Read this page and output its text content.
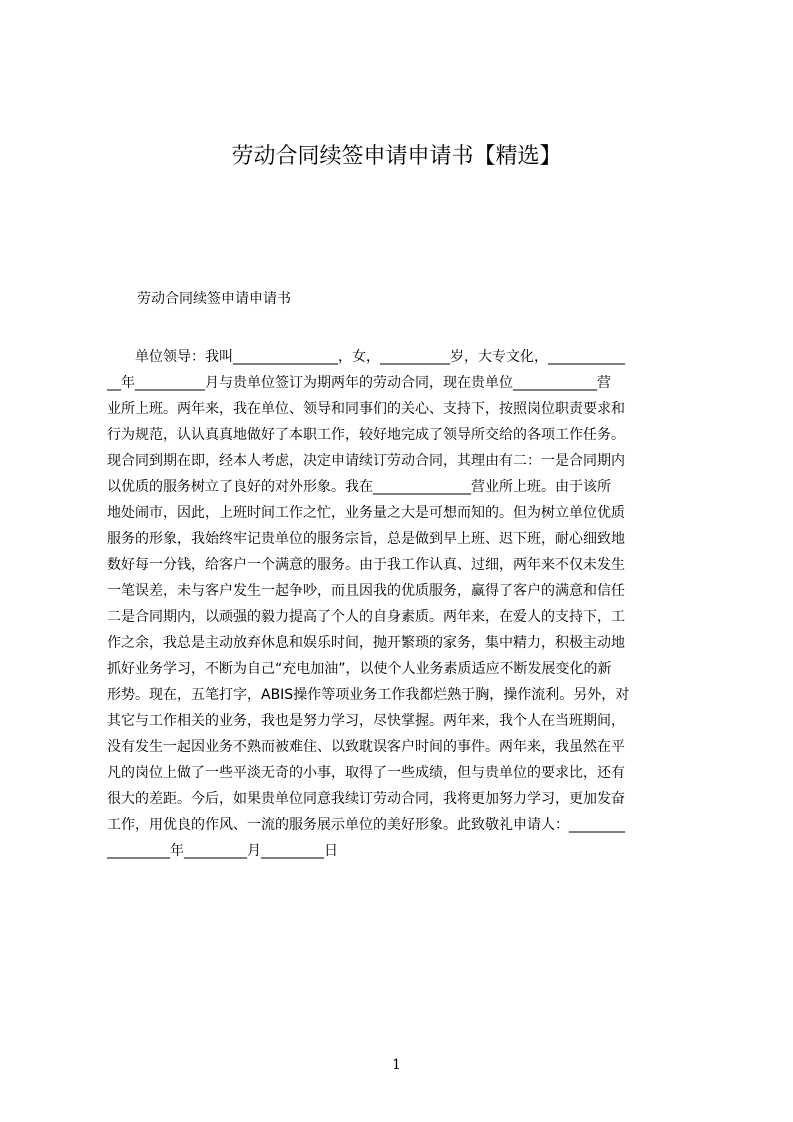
劳动合同续签申请申请书【精选】

劳动合同续签申请申请书

　　单位领导：我叫_______________，女，__________岁，大专文化，___________
__年__________月与贵单位签订为期两年的劳动合同，现在贵单位____________营
业所上班。两年来，我在单位、领导和同事们的关心、支持下，按照岗位职责要求和
行为规范，认认真真地做好了本职工作，较好地完成了领导所交给的各项工作任务。
现合同到期在即，经本人考虑，决定申请续订劳动合同，其理由有二：一是合同期内
以优质的服务树立了良好的对外形象。我在______________营业所上班。由于该所
地处闹市，因此，上班时间工作之忙，业务量之大是可想而知的。但为树立单位优质
服务的形象，我始终牢记贵单位的服务宗旨，总是做到早上班、迟下班，耐心细致地
数好每一分钱，给客户一个满意的服务。由于我工作认真、过细，两年来不仅未发生
一笔误差，未与客户发生一起争吵，而且因我的优质服务，赢得了客户的满意和信任
二是合同期内，以顽强的毅力提高了个人的自身素质。两年来，在爱人的支持下，工
作之余，我总是主动放弃休息和娱乐时间，抛开繁琐的家务，集中精力，积极主动地
抓好业务学习，不断为自己“充电加油”，以使个人业务素质适应不断发展变化的新
形势。现在，五笔打字，ABIS操作等项业务工作我都烂熟于胸，操作流利。另外，对
其它与工作相关的业务，我也是努力学习，尽快掌握。两年来，我个人在当班期间，
没有发生一起因业务不熟而被难住、以致耽误客户时间的事件。两年来，我虽然在平
凡的岗位上做了一些平淡无奇的小事，取得了一些成绩，但与贵单位的要求比，还有
很大的差距。今后，如果贵单位同意我续订劳动合同，我将更加努力学习，更加发奋
工作，用优良的作风、一流的服务展示单位的美好形象。此致敬礼申请人：________
_________年_________月_________日
1
